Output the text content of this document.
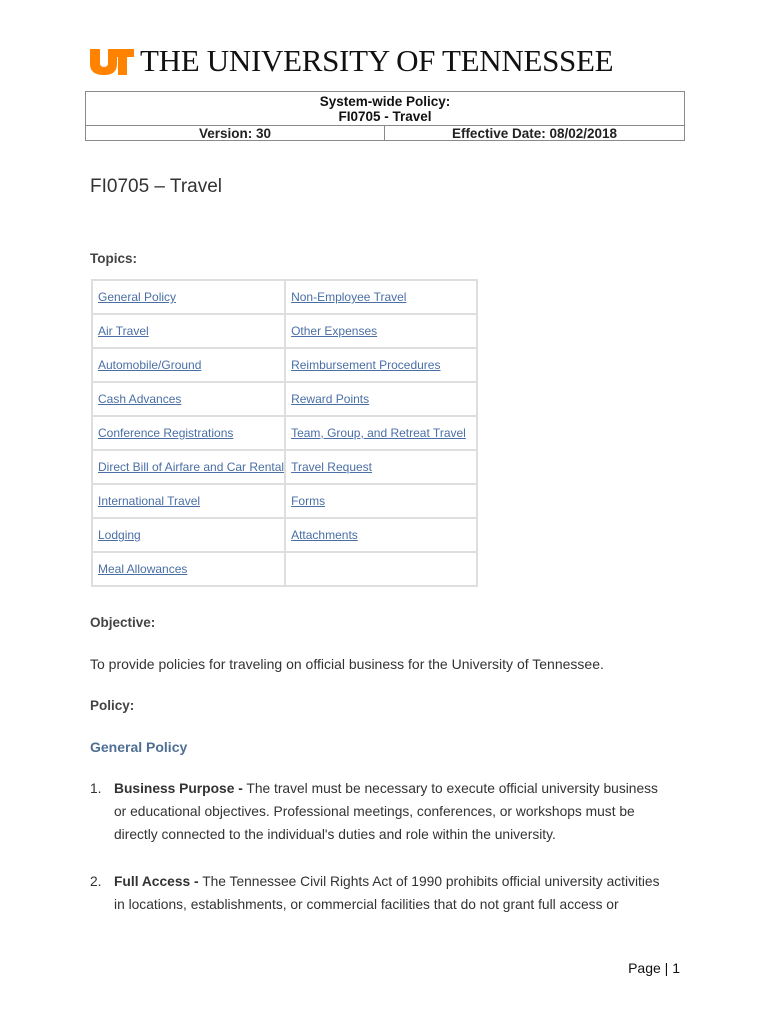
THE UNIVERSITY OF TENNESSEE
System-wide Policy:
FI0705 - Travel
Version: 30	Effective Date: 08/02/2018
FI0705 – Travel
Topics:
General Policy	Non-Employee Travel
Air Travel	Other Expenses
Automobile/Ground	Reimbursement Procedures
Cash Advances	Reward Points
Conference Registrations	Team, Group, and Retreat Travel
Direct Bill of Airfare and Car Rental	Travel Request
International Travel	Forms
Lodging	Attachments
Meal Allowances	
Objective:
To provide policies for traveling on official business for the University of Tennessee.
Policy:
General Policy
1. Business Purpose - The travel must be necessary to execute official university business or educational objectives. Professional meetings, conferences, or workshops must be directly connected to the individual's duties and role within the university.
2. Full Access - The Tennessee Civil Rights Act of 1990 prohibits official university activities in locations, establishments, or commercial facilities that do not grant full access or
Page | 1
